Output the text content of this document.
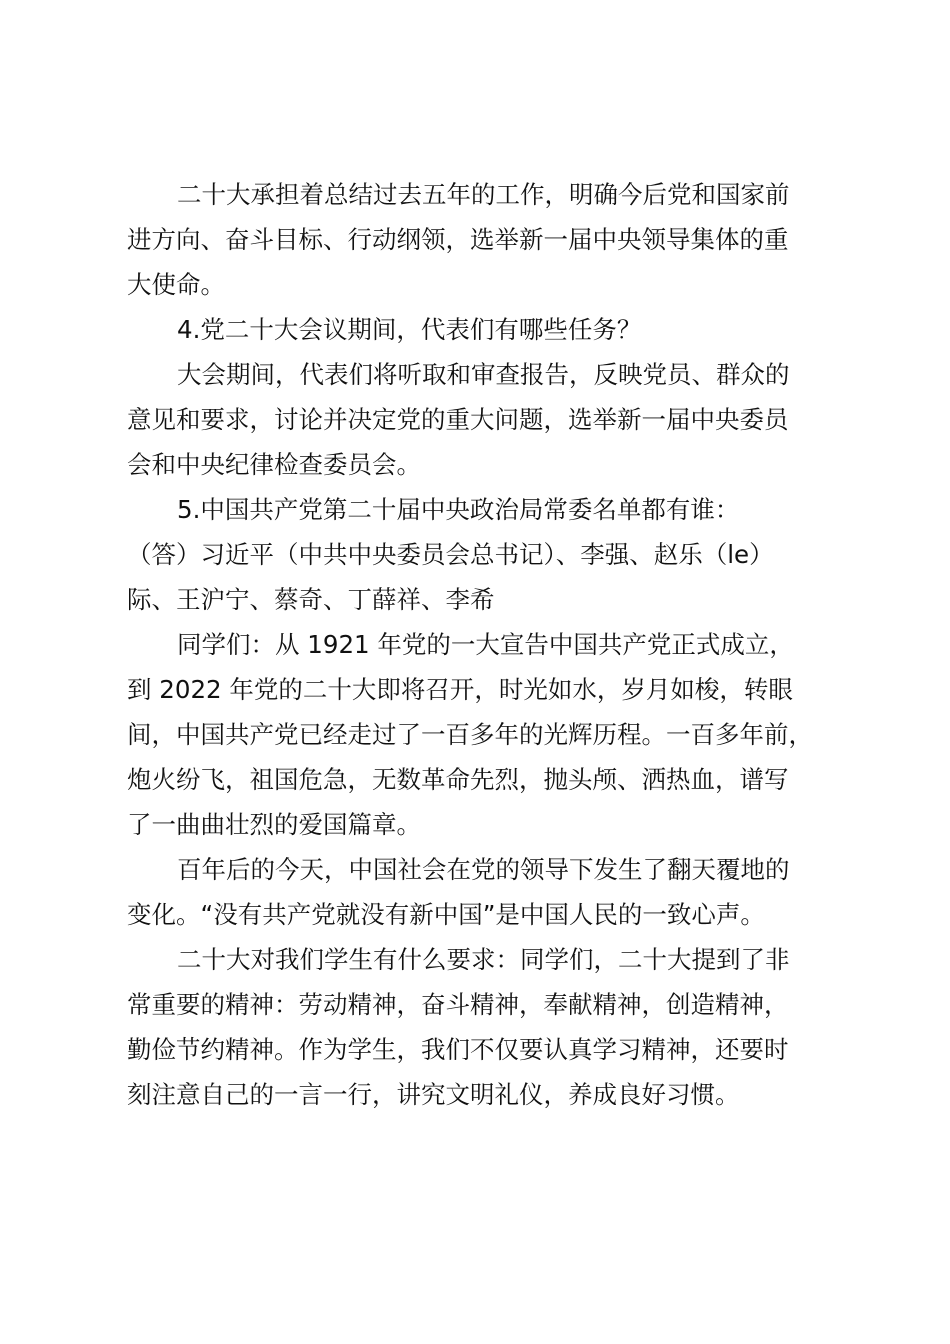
二十大承担着总结过去五年的工作，明确今后党和国家前
进方向、奋斗目标、行动纲领，选举新一届中央领导集体的重
大使命。
4.党二十大会议期间，代表们有哪些任务？
大会期间，代表们将听取和审查报告，反映党员、群众的
意见和要求，讨论并决定党的重大问题，选举新一届中央委员
会和中央纪律检查委员会。
5.中国共产党第二十届中央政治局常委名单都有谁：
（答）习近平（中共中央委员会总书记）、李强、赵乐（le）
际、王沪宁、蔡奇、丁薛祥、李希
同学们：从 1921 年党的一大宣告中国共产党正式成立，
到 2022 年党的二十大即将召开，时光如水，岁月如梭，转眼
间，中国共产党已经走过了一百多年的光辉历程。一百多年前，
炮火纷飞，祖国危急，无数革命先烈，抛头颅、洒热血，谱写
了一曲曲壮烈的爱国篇章。
百年后的今天，中国社会在党的领导下发生了翻天覆地的
变化。“没有共产党就没有新中国”是中国人民的一致心声。
二十大对我们学生有什么要求：同学们，二十大提到了非
常重要的精神：劳动精神，奋斗精神，奉献精神，创造精神，
勤俭节约精神。作为学生，我们不仅要认真学习精神，还要时
刻注意自己的一言一行，讲究文明礼仪，养成良好习惯。
